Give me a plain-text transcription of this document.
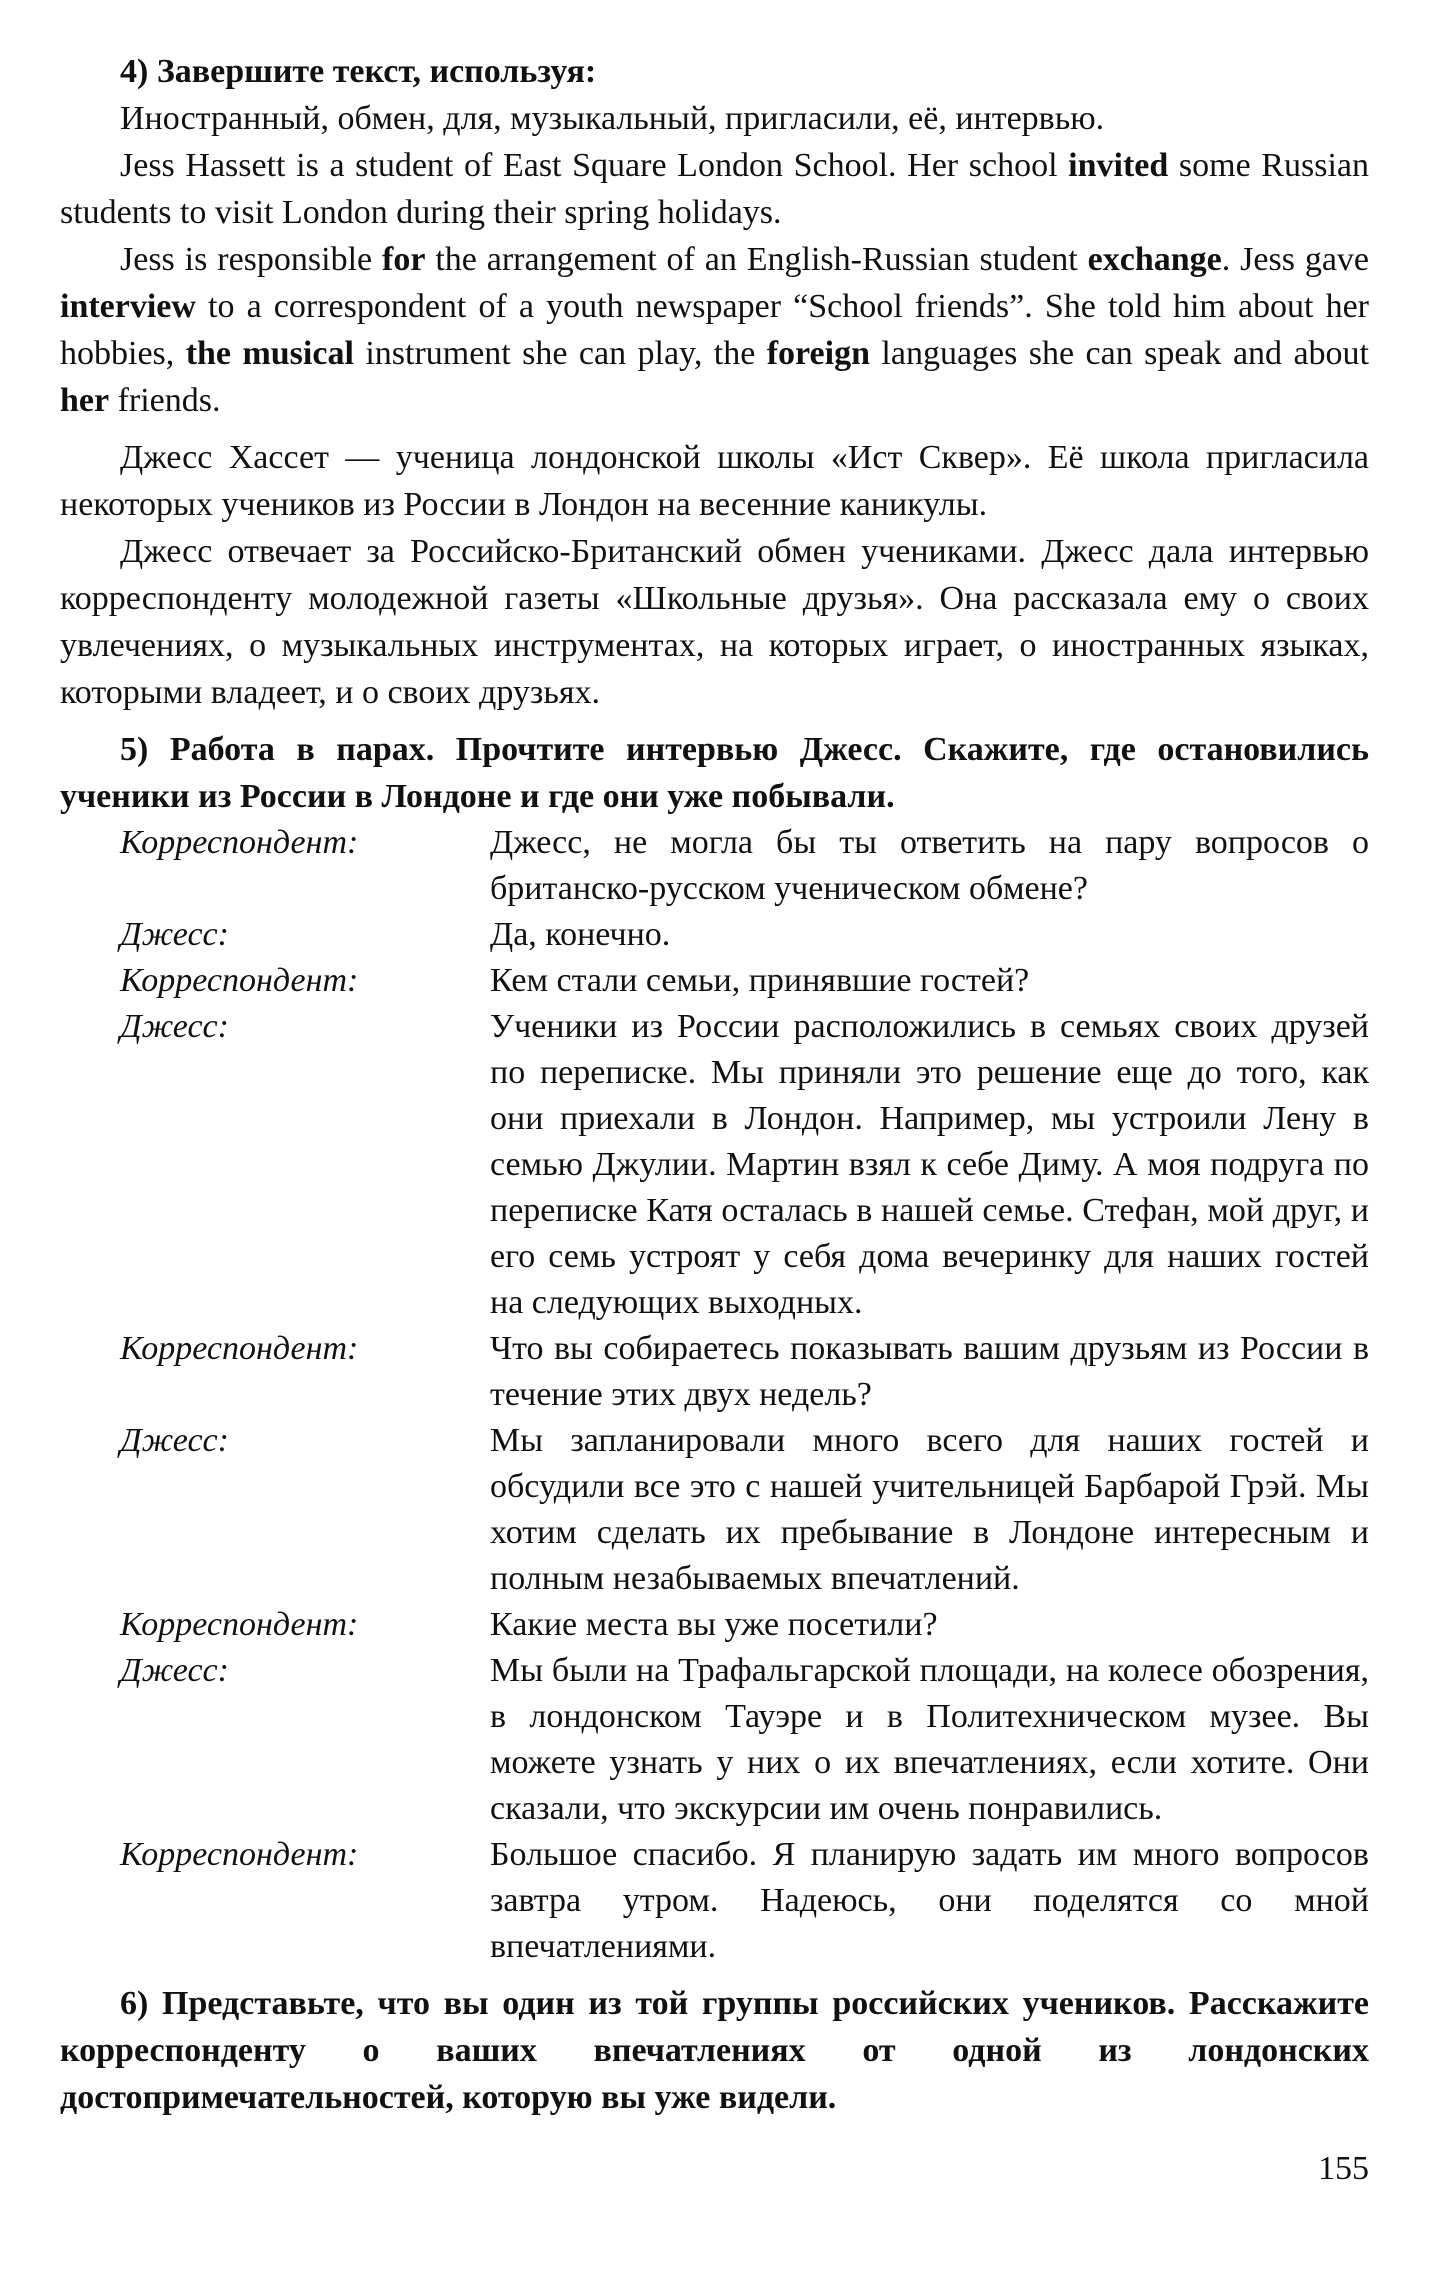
4) Завершите текст, используя:

Иностранный, обмен, для, музыкальный, пригласили, её, интервью.

Jess Hassett is a student of East Square London School. Her school invited some Russian students to visit London during their spring holidays.

Jess is responsible for the arrangement of an English-Russian student exchange. Jess gave interview to a correspondent of a youth newspaper “School friends”. She told him about her hobbies, the musical instrument she can play, the foreign languages she can speak and about her friends.

Джесс Хассет — ученица лондонской школы «Ист Сквер». Её школа пригласила некоторых учеников из России в Лондон на весенние каникулы.

Джесс отвечает за Российско-Британский обмен учениками. Джесс дала интервью корреспонденту молодежной газеты «Школьные друзья». Она рассказала ему о своих увлечениях, о музыкальных инструментах, на которых играет, о иностранных языках, которыми владеет, и о своих друзьях.

5) Работа в парах. Прочтите интервью Джесс. Скажите, где остановились ученики из России в Лондоне и где они уже побывали.
Корреспондент:	Джесс, не могла бы ты ответить на пару вопросов о британско-русском ученическом обмене?
Джесс:	Да, конечно.
Корреспондент:	Кем стали семьи, принявшие гостей?
Джесс:	Ученики из России расположились в семьях своих друзей по переписке. Мы приняли это решение еще до того, как они приехали в Лондон. Например, мы устроили Лену в семью Джулии. Мартин взял к себе Диму. А моя подруга по переписке Катя осталась в нашей семье. Стефан, мой друг, и его семь устроят у себя дома вечеринку для наших гостей на следующих выходных.
Корреспондент:	Что вы собираетесь показывать вашим друзьям из России в течение этих двух недель?
Джесс:	Мы запланировали много всего для наших гостей и обсудили все это с нашей учительницей Барбарой Грэй. Мы хотим сделать их пребывание в Лондоне интересным и полным незабываемых впечатлений.
Корреспондент:	Какие места вы уже посетили?
Джесс:	Мы были на Трафальгарской площади, на колесе обозрения, в лондонском Тауэре и в Политехническом музее. Вы можете узнать у них о их впечатлениях, если хотите. Они сказали, что экскурсии им очень понравились.
Корреспондент:	Большое спасибо. Я планирую задать им много вопросов завтра утром. Надеюсь, они поделятся со мной впечатлениями.
6) Представьте, что вы один из той группы российских учеников. Расскажите корреспонденту о ваших впечатлениях от одной из лондонских достопримечательностей, которую вы уже видели.
155
